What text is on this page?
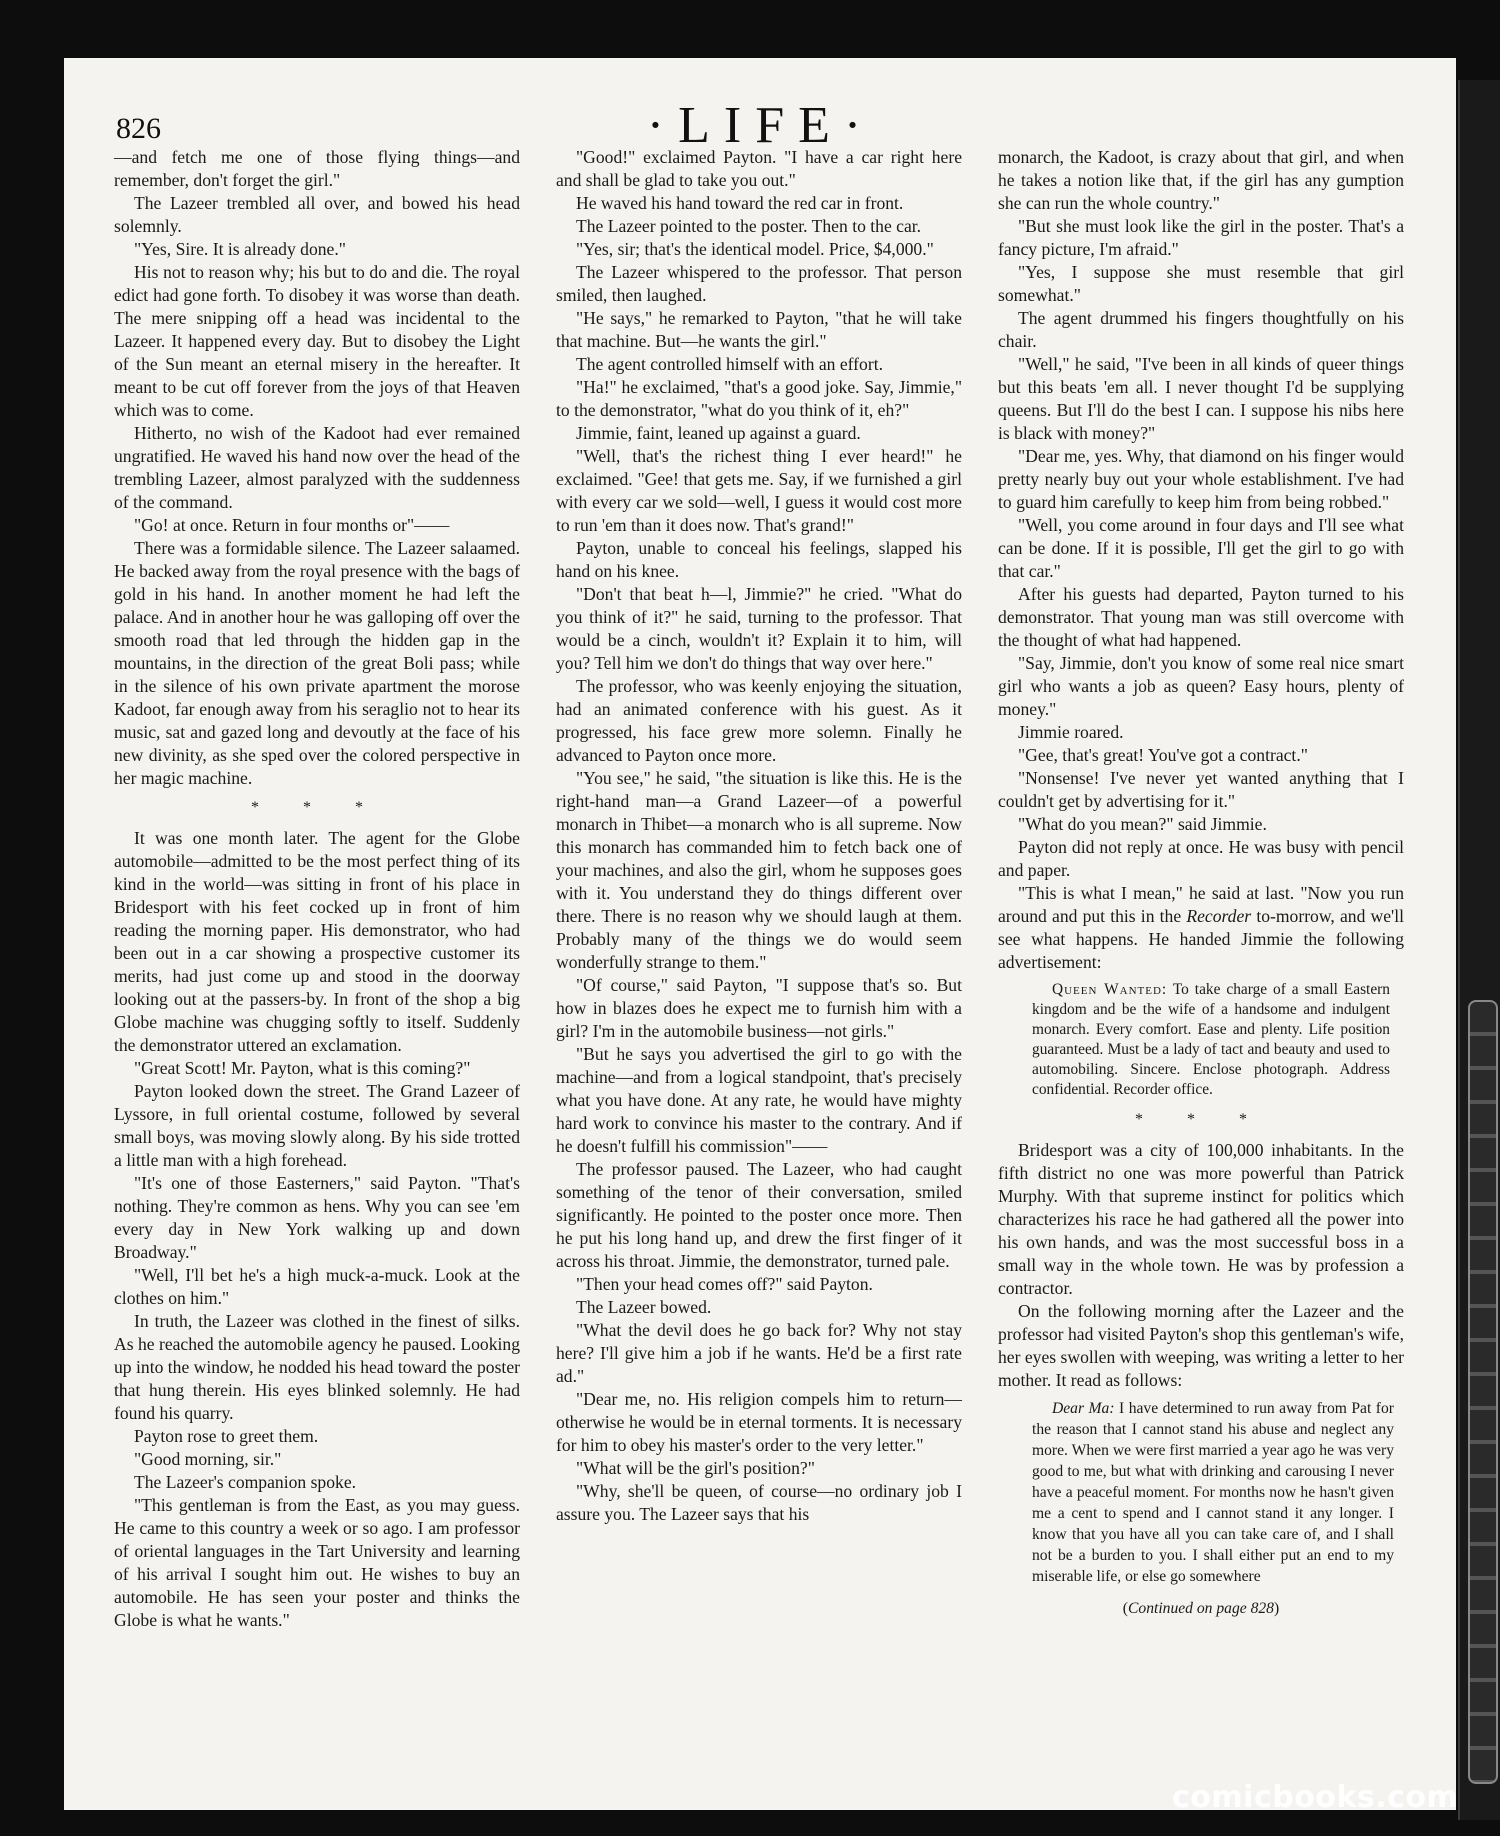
826	·LIFE·

—and fetch me one of those flying things—and remember, don't forget the girl."

The Lazeer trembled all over, and bowed his head solemnly.

"Yes, Sire. It is already done."

His not to reason why; his but to do and die. The royal edict had gone forth. To disobey it was worse than death. The mere snipping off a head was incidental to the Lazeer. It happened every day. But to disobey the Light of the Sun meant an eternal misery in the hereafter. It meant to be cut off forever from the joys of that Heaven which was to come.

Hitherto, no wish of the Kadoot had ever remained ungratified. He waved his hand now over the head of the trembling Lazeer, almost paralyzed with the suddenness of the command.

"Go! at once. Return in four months or"——

There was a formidable silence. The Lazeer salaamed. He backed away from the royal presence with the bags of gold in his hand. In another moment he had left the palace. And in another hour he was galloping off over the smooth road that led through the hidden gap in the mountains, in the direction of the great Boli pass; while in the silence of his own private apartment the morose Kadoot, far enough away from his seraglio not to hear its music, sat and gazed long and devoutly at the face of his new divinity, as she sped over the colored perspective in her magic machine.

* * *

It was one month later. The agent for the Globe automobile—admitted to be the most perfect thing of its kind in the world—was sitting in front of his place in Bridesport with his feet cocked up in front of him reading the morning paper. His demonstrator, who had been out in a car showing a prospective customer its merits, had just come up and stood in the doorway looking out at the passers-by. In front of the shop a big Globe machine was chugging softly to itself. Suddenly the demonstrator uttered an exclamation.

"Great Scott! Mr. Payton, what is this coming?"

Payton looked down the street. The Grand Lazeer of Lyssore, in full oriental costume, followed by several small boys, was moving slowly along. By his side trotted a little man with a high forehead.

"It's one of those Easterners," said Payton. "That's nothing. They're common as hens. Why you can see 'em every day in New York walking up and down Broadway."

"Well, I'll bet he's a high muck-a-muck. Look at the clothes on him."

In truth, the Lazeer was clothed in the finest of silks. As he reached the automobile agency he paused. Looking up into the window, he nodded his head toward the poster that hung therein. His eyes blinked solemnly. He had found his quarry.

Payton rose to greet them.

"Good morning, sir."

The Lazeer's companion spoke.

"This gentleman is from the East, as you may guess. He came to this country a week or so ago. I am professor of oriental languages in the Tart University and learning of his arrival I sought him out. He wishes to buy an automobile. He has seen your poster and thinks the Globe is what he wants."

"Good!" exclaimed Payton. "I have a car right here and shall be glad to take you out."

He waved his hand toward the red car in front.

The Lazeer pointed to the poster. Then to the car.

"Yes, sir; that's the identical model. Price, $4,000."

The Lazeer whispered to the professor. That person smiled, then laughed.

"He says," he remarked to Payton, "that he will take that machine. But—he wants the girl."

The agent controlled himself with an effort.

"Ha!" he exclaimed, "that's a good joke. Say, Jimmie," to the demonstrator, "what do you think of it, eh?"

Jimmie, faint, leaned up against a guard.

"Well, that's the richest thing I ever heard!" he exclaimed. "Gee! that gets me. Say, if we furnished a girl with every car we sold—well, I guess it would cost more to run 'em than it does now. That's grand!"

Payton, unable to conceal his feelings, slapped his hand on his knee.

"Don't that beat h—l, Jimmie?" he cried. "What do you think of it?" he said, turning to the professor. That would be a cinch, wouldn't it? Explain it to him, will you? Tell him we don't do things that way over here."

The professor, who was keenly enjoying the situation, had an animated conference with his guest. As it progressed, his face grew more solemn. Finally he advanced to Payton once more.

"You see," he said, "the situation is like this. He is the right-hand man—a Grand Lazeer—of a powerful monarch in Thibet—a monarch who is all supreme. Now this monarch has commanded him to fetch back one of your machines, and also the girl, whom he supposes goes with it. You understand they do things different over there. There is no reason why we should laugh at them. Probably many of the things we do would seem wonderfully strange to them."

"Of course," said Payton, "I suppose that's so. But how in blazes does he expect me to furnish him with a girl? I'm in the automobile business—not girls."

"But he says you advertised the girl to go with the machine—and from a logical standpoint, that's precisely what you have done. At any rate, he would have mighty hard work to convince his master to the contrary. And if he doesn't fulfill his commission"——

The professor paused. The Lazeer, who had caught something of the tenor of their conversation, smiled significantly. He pointed to the poster once more. Then he put his long hand up, and drew the first finger of it across his throat. Jimmie, the demonstrator, turned pale.

"Then your head comes off?" said Payton.

The Lazeer bowed.

"What the devil does he go back for? Why not stay here? I'll give him a job if he wants. He'd be a first rate ad."

"Dear me, no. His religion compels him to return—otherwise he would be in eternal torments. It is necessary for him to obey his master's order to the very letter."

"What will be the girl's position?"

"Why, she'll be queen, of course—no ordinary job I assure you. The Lazeer says that his

monarch, the Kadoot, is crazy about that girl, and when he takes a notion like that, if the girl has any gumption she can run the whole country."

"But she must look like the girl in the poster. That's a fancy picture, I'm afraid."

"Yes, I suppose she must resemble that girl somewhat."

The agent drummed his fingers thoughtfully on his chair.

"Well," he said, "I've been in all kinds of queer things but this beats 'em all. I never thought I'd be supplying queens. But I'll do the best I can. I suppose his nibs here is black with money?"

"Dear me, yes. Why, that diamond on his finger would pretty nearly buy out your whole establishment. I've had to guard him carefully to keep him from being robbed."

"Well, you come around in four days and I'll see what can be done. If it is possible, I'll get the girl to go with that car."

After his guests had departed, Payton turned to his demonstrator. That young man was still overcome with the thought of what had happened.

"Say, Jimmie, don't you know of some real nice smart girl who wants a job as queen? Easy hours, plenty of money."

Jimmie roared.

"Gee, that's great! You've got a contract."

"Nonsense! I've never yet wanted anything that I couldn't get by advertising for it."

"What do you mean?" said Jimmie.

Payton did not reply at once. He was busy with pencil and paper.

"This is what I mean," he said at last. "Now you run around and put this in the Recorder to-morrow, and we'll see what happens. He handed Jimmie the following advertisement:

Queen Wanted: To take charge of a small Eastern kingdom and be the wife of a handsome and indulgent monarch. Every comfort. Ease and plenty. Life position guaranteed. Must be a lady of tact and beauty and used to automobiling. Sincere. Enclose photograph. Address confidential. Recorder office.
* * *

Bridesport was a city of 100,000 inhabitants. In the fifth district no one was more powerful than Patrick Murphy. With that supreme instinct for politics which characterizes his race he had gathered all the power into his own hands, and was the most successful boss in a small way in the whole town. He was by profession a contractor.

On the following morning after the Lazeer and the professor had visited Payton's shop this gentleman's wife, her eyes swollen with weeping, was writing a letter to her mother. It read as follows:

Dear Ma: I have determined to run away from Pat for the reason that I cannot stand his abuse and neglect any more. When we were first married a year ago he was very good to me, but what with drinking and carousing I never have a peaceful moment. For months now he hasn't given me a cent to spend and I cannot stand it any longer. I know that you have all you can take care of, and I shall not be a burden to you. I shall either put an end to my miserable life, or else go somewhere
(Continued on page 828)
comicbooks.com
